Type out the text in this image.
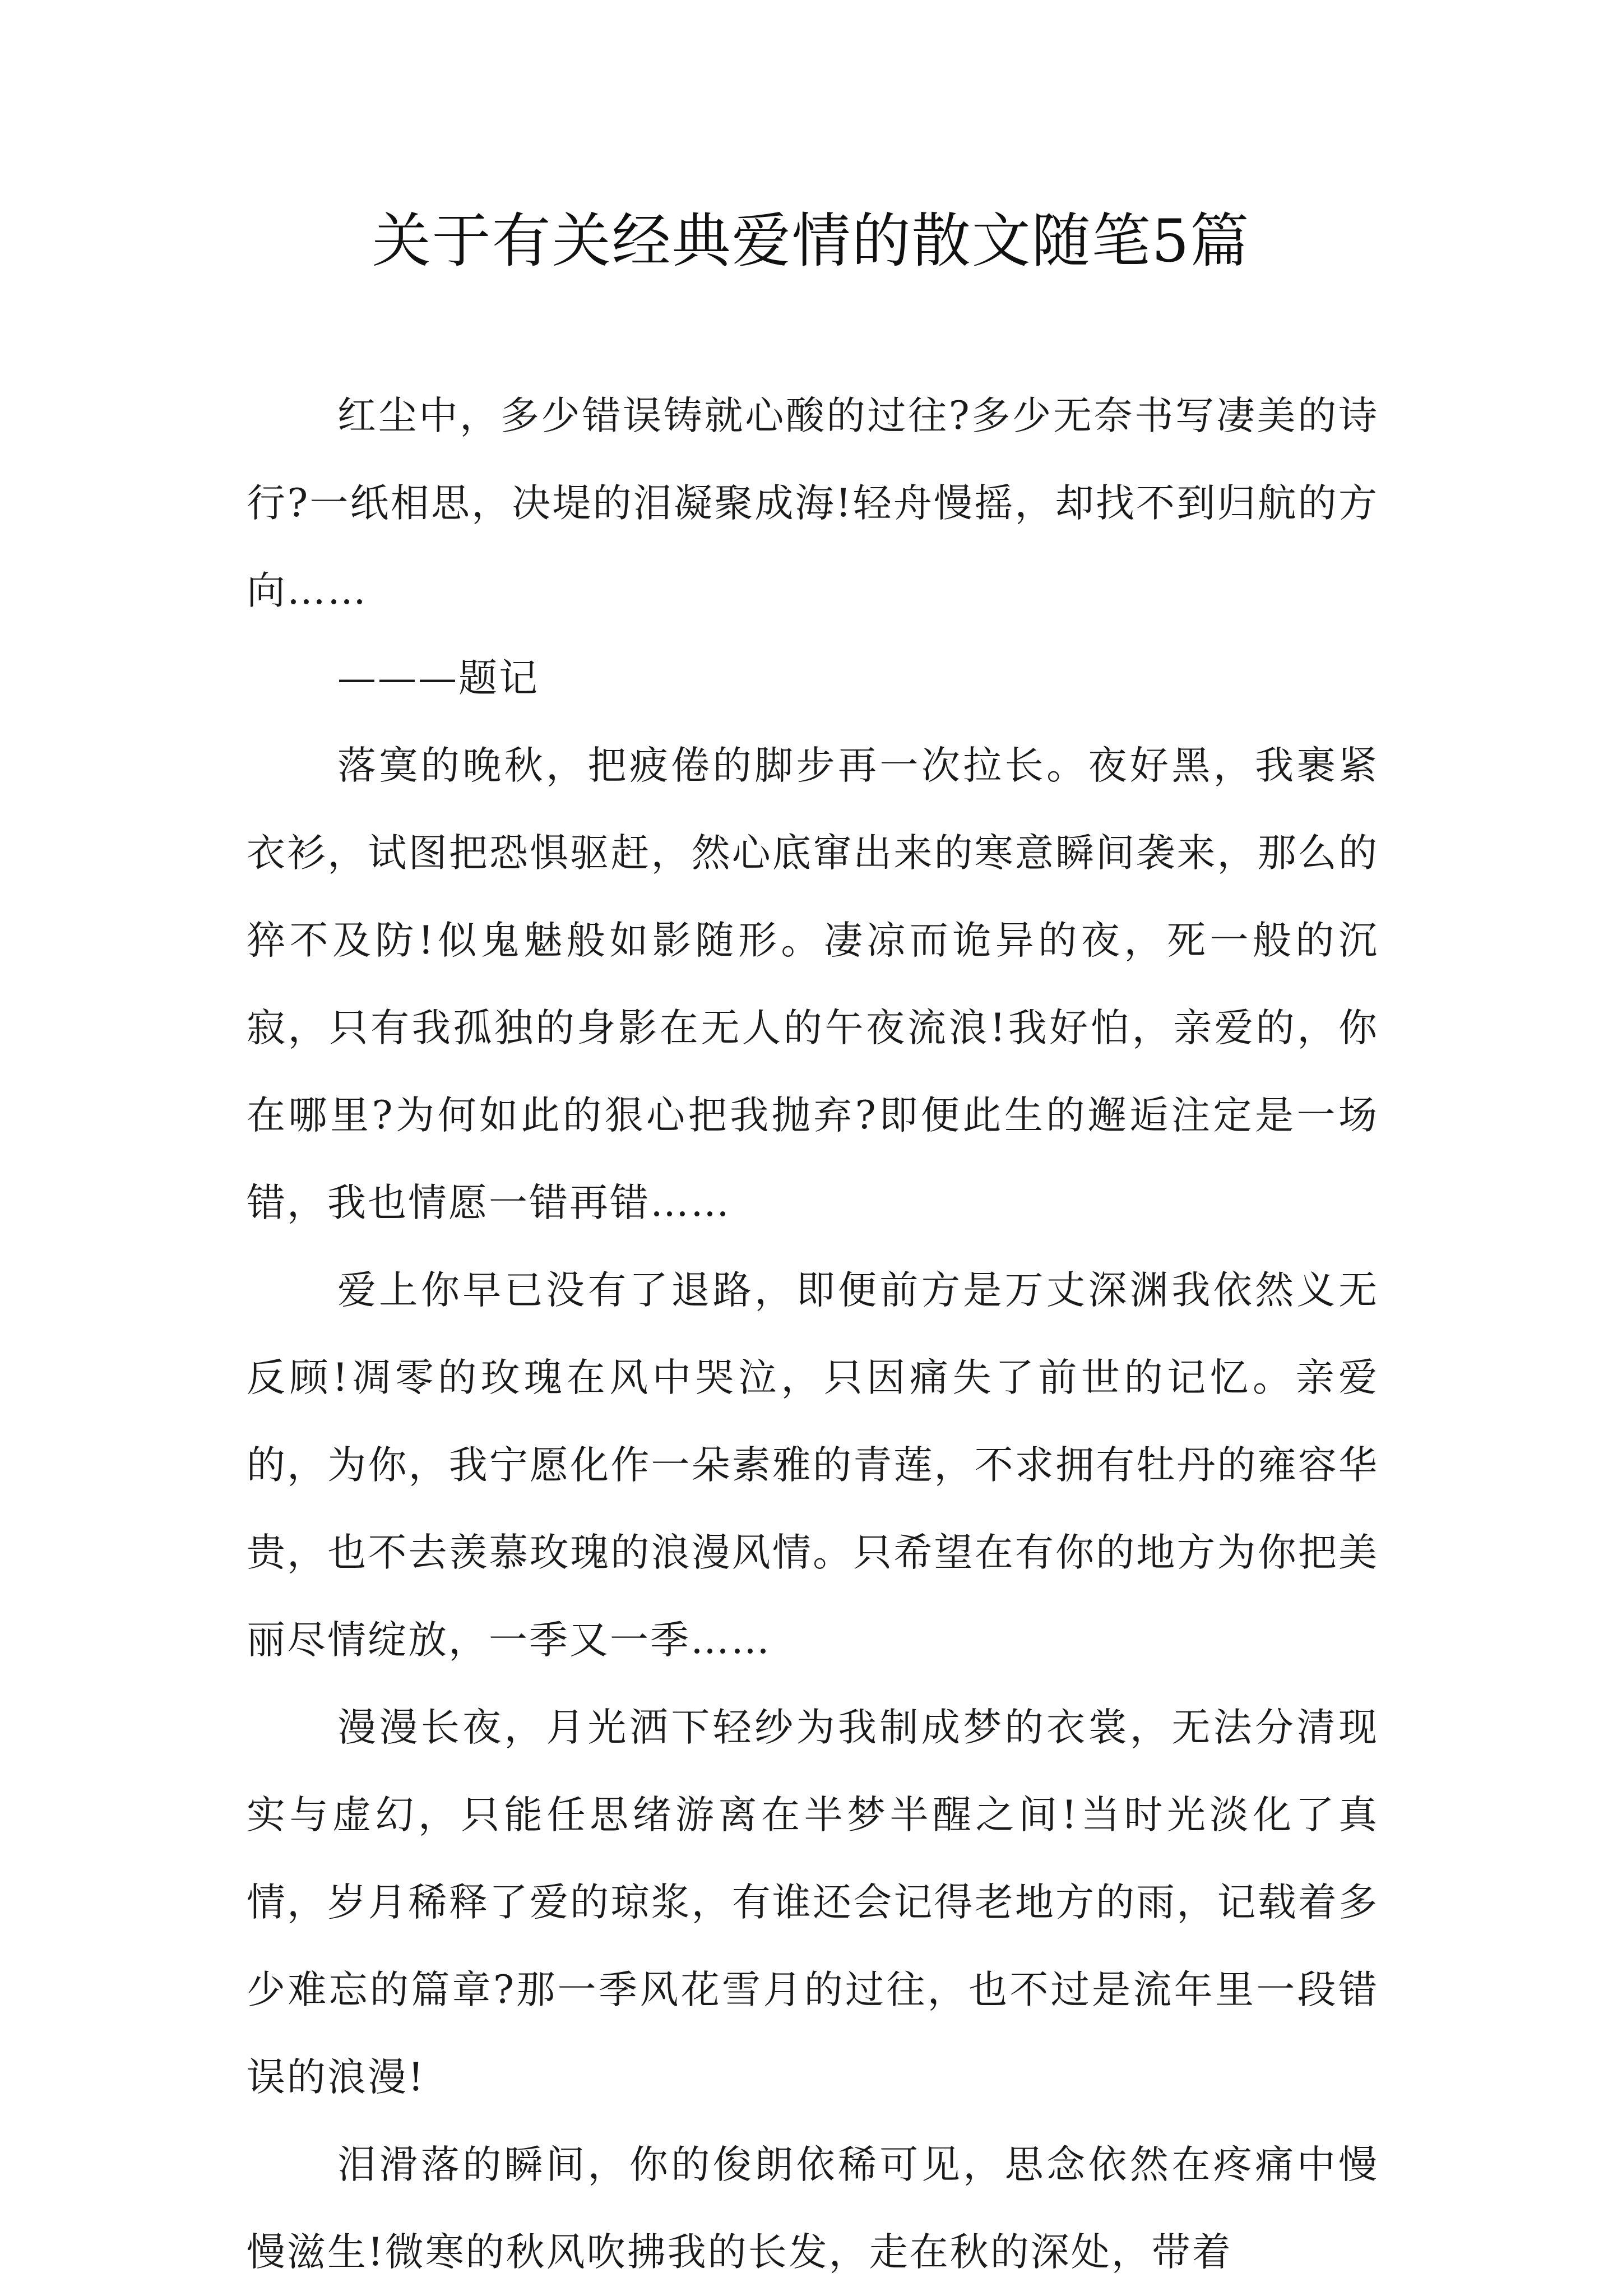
关于有关经典爱情的散文随笔5篇

红尘中，多少错误铸就心酸的过往?多少无奈书写凄美的诗行?一纸相思，决堤的泪凝聚成海!轻舟慢摇，却找不到归航的方向……

———题记

落寞的晚秋，把疲倦的脚步再一次拉长。夜好黑，我裹紧衣衫，试图把恐惧驱赶，然心底窜出来的寒意瞬间袭来，那么的猝不及防!似鬼魅般如影随形。凄凉而诡异的夜，死一般的沉寂，只有我孤独的身影在无人的午夜流浪!我好怕，亲爱的，你在哪里?为何如此的狠心把我抛弃?即便此生的邂逅注定是一场错，我也情愿一错再错……

爱上你早已没有了退路，即便前方是万丈深渊我依然义无反顾!凋零的玫瑰在风中哭泣，只因痛失了前世的记忆。亲爱的，为你，我宁愿化作一朵素雅的青莲，不求拥有牡丹的雍容华贵，也不去羡慕玫瑰的浪漫风情。只希望在有你的地方为你把美丽尽情绽放，一季又一季……

漫漫长夜，月光洒下轻纱为我制成梦的衣裳，无法分清现实与虚幻，只能任思绪游离在半梦半醒之间!当时光淡化了真情，岁月稀释了爱的琼浆，有谁还会记得老地方的雨，记载着多少难忘的篇章?那一季风花雪月的过往，也不过是流年里一段错误的浪漫!

泪滑落的瞬间，你的俊朗依稀可见，思念依然在疼痛中慢慢滋生!微寒的秋风吹拂我的长发，走在秋的深处，带着
